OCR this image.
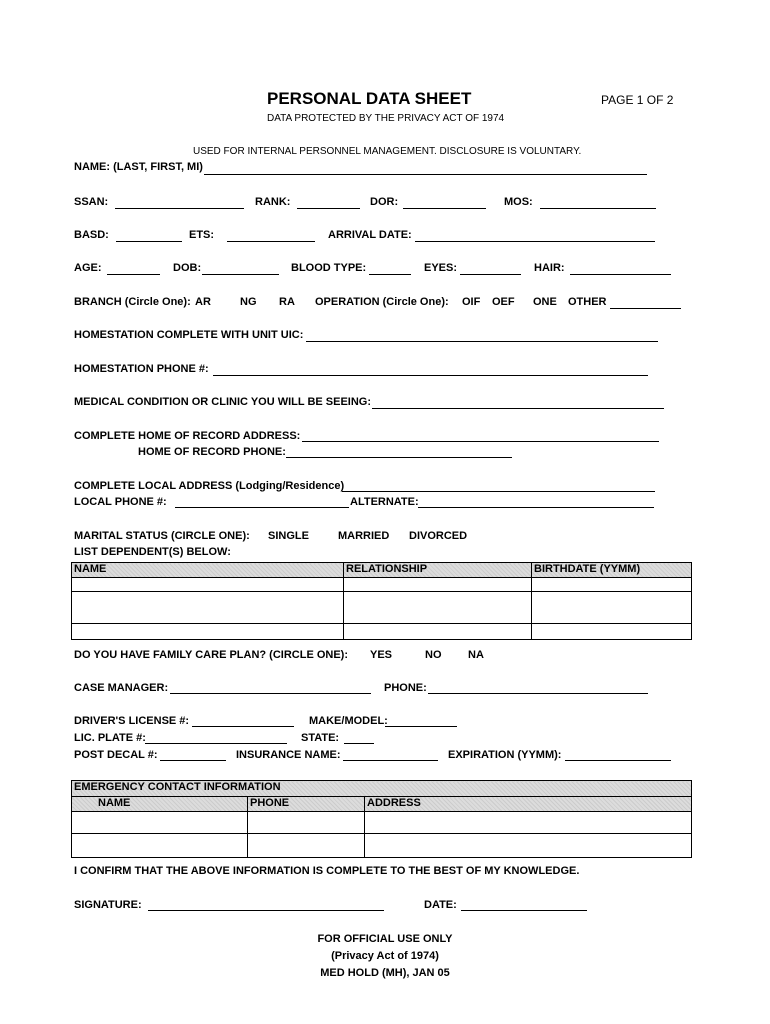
PERSONAL DATA SHEET	PAGE 1 OF 2
DATA PROTECTED BY THE PRIVACY ACT OF 1974
USED FOR INTERNAL PERSONNEL MANAGEMENT. DISCLOSURE IS VOLUNTARY.
NAME: (LAST, FIRST, MI)
SSAN:	RANK:	DOR:	MOS:
BASD:	ETS:	ARRIVAL DATE:
AGE:	DOB:	BLOOD TYPE:	EYES:	HAIR:
BRANCH (Circle One): AR	NG RA OPERATION (Circle One): OIF OEF ONE OTHER
HOMESTATION COMPLETE WITH UNIT UIC:
HOMESTATION PHONE #:
MEDICAL CONDITION OR CLINIC YOU WILL BE SEEING:
COMPLETE HOME OF RECORD ADDRESS:
HOME OF RECORD PHONE:
COMPLETE LOCAL ADDRESS (Lodging/Residence)
LOCAL PHONE #:	ALTERNATE:
MARITAL STATUS (CIRCLE ONE): SINGLE	MARRIED DIVORCED
LIST DEPENDENT(S) BELOW:
NAME	RELATIONSHIP	BIRTHDATE (YYMM)

DO YOU HAVE FAMILY CARE PLAN? (CIRCLE ONE): YES	NO NA
CASE MANAGER:	PHONE:
DRIVER'S LICENSE #:	MAKE/MODEL:
LIC. PLATE #:	STATE:
POST DECAL #:	INSURANCE NAME:	EXPIRATION (YYMM):
EMERGENCY CONTACT INFORMATION		
NAME	PHONE	ADDRESS

I CONFIRM THAT THE ABOVE INFORMATION IS COMPLETE TO THE BEST OF MY KNOWLEDGE.
SIGNATURE:	DATE:
FOR OFFICIAL USE ONLY
(Privacy Act of 1974)
MED HOLD (MH), JAN 05
